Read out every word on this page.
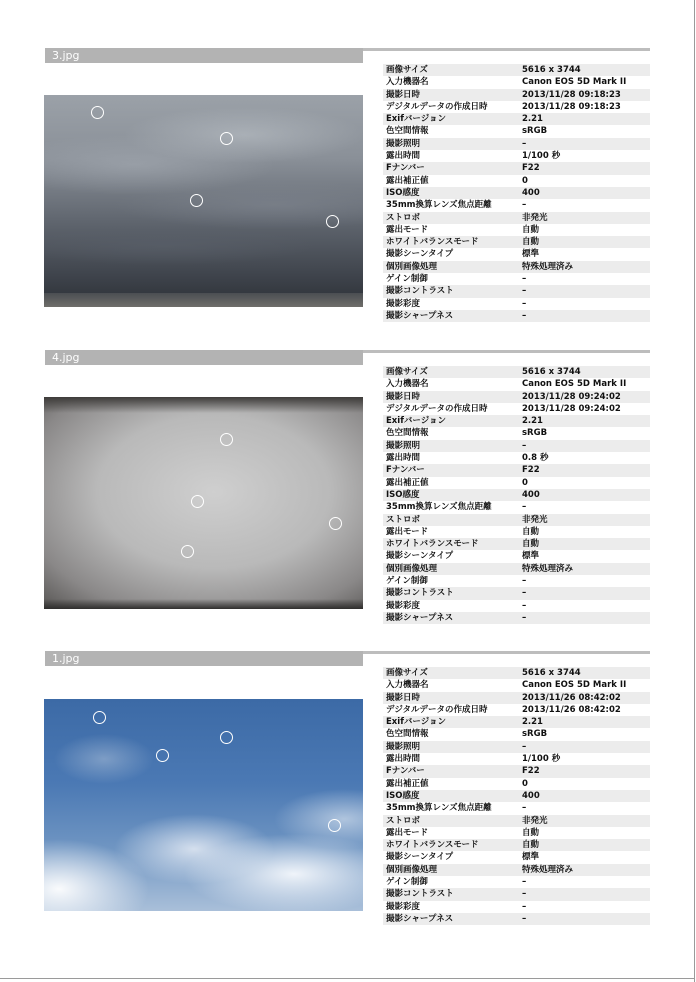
3.jpg
画像サイズ	5616 x 3744
入力機器名	Canon EOS 5D Mark II
撮影日時	2013/11/28 09:18:23
デジタルデータの作成日時	2013/11/28 09:18:23
Exifバージョン	2.21
色空間情報	sRGB
撮影照明	–
露出時間	1/100 秒
Fナンバー	F22
露出補正値	0
ISO感度	400
35mm換算レンズ焦点距離	–
ストロボ	非発光
露出モード	自動
ホワイトバランスモード	自動
撮影シーンタイプ	標準
個別画像処理	特殊処理済み
ゲイン制御	–
撮影コントラスト	–
撮影彩度	–
撮影シャープネス	–
4.jpg
画像サイズ	5616 x 3744
入力機器名	Canon EOS 5D Mark II
撮影日時	2013/11/28 09:24:02
デジタルデータの作成日時	2013/11/28 09:24:02
Exifバージョン	2.21
色空間情報	sRGB
撮影照明	–
露出時間	0.8 秒
Fナンバー	F22
露出補正値	0
ISO感度	400
35mm換算レンズ焦点距離	–
ストロボ	非発光
露出モード	自動
ホワイトバランスモード	自動
撮影シーンタイプ	標準
個別画像処理	特殊処理済み
ゲイン制御	–
撮影コントラスト	–
撮影彩度	–
撮影シャープネス	–
1.jpg
画像サイズ	5616 x 3744
入力機器名	Canon EOS 5D Mark II
撮影日時	2013/11/26 08:42:02
デジタルデータの作成日時	2013/11/26 08:42:02
Exifバージョン	2.21
色空間情報	sRGB
撮影照明	–
露出時間	1/100 秒
Fナンバー	F22
露出補正値	0
ISO感度	400
35mm換算レンズ焦点距離	–
ストロボ	非発光
露出モード	自動
ホワイトバランスモード	自動
撮影シーンタイプ	標準
個別画像処理	特殊処理済み
ゲイン制御	–
撮影コントラスト	–
撮影彩度	–
撮影シャープネス	–
